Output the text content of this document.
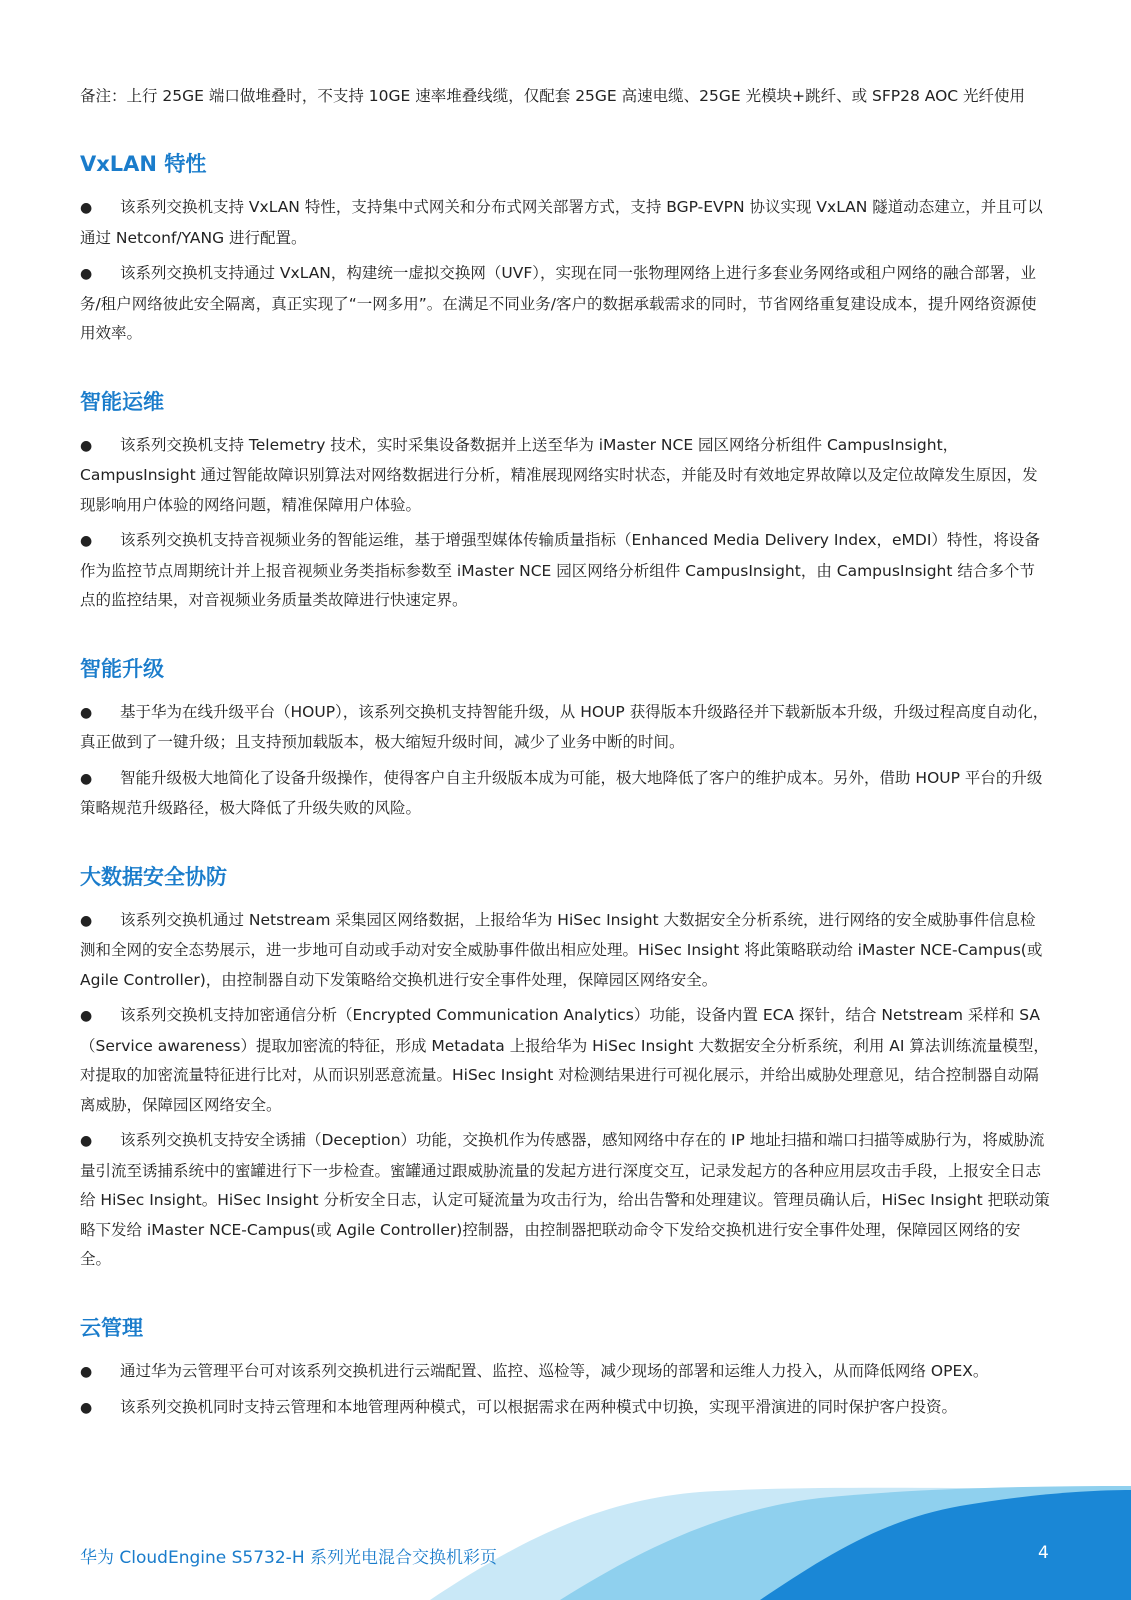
备注：上行 25GE 端口做堆叠时，不支持 10GE 速率堆叠线缆，仅配套 25GE 高速电缆、25GE 光模块+跳纤、或 SFP28 AOC 光纤使用

VxLAN 特性

● 该系列交换机支持 VxLAN 特性，支持集中式网关和分布式网关部署方式，支持 BGP-EVPN 协议实现 VxLAN 隧道动态建立，并且可以通过 Netconf/YANG 进行配置。

● 该系列交换机支持通过 VxLAN，构建统一虚拟交换网（UVF），实现在同一张物理网络上进行多套业务网络或租户网络的融合部署，业务/租户网络彼此安全隔离，真正实现了“一网多用”。在满足不同业务/客户的数据承载需求的同时，节省网络重复建设成本，提升网络资源使用效率。

智能运维

● 该系列交换机支持 Telemetry 技术，实时采集设备数据并上送至华为 iMaster NCE 园区网络分析组件 CampusInsight，CampusInsight 通过智能故障识别算法对网络数据进行分析，精准展现网络实时状态，并能及时有效地定界故障以及定位故障发生原因，发现影响用户体验的网络问题，精准保障用户体验。

● 该系列交换机支持音视频业务的智能运维，基于增强型媒体传输质量指标（Enhanced Media Delivery Index，eMDI）特性，将设备作为监控节点周期统计并上报音视频业务类指标参数至 iMaster NCE 园区网络分析组件 CampusInsight，由 CampusInsight 结合多个节点的监控结果，对音视频业务质量类故障进行快速定界。

智能升级

● 基于华为在线升级平台（HOUP），该系列交换机支持智能升级，从 HOUP 获得版本升级路径并下载新版本升级，升级过程高度自动化，真正做到了一键升级；且支持预加载版本，极大缩短升级时间，减少了业务中断的时间。

● 智能升级极大地简化了设备升级操作，使得客户自主升级版本成为可能，极大地降低了客户的维护成本。另外，借助 HOUP 平台的升级策略规范升级路径，极大降低了升级失败的风险。

大数据安全协防

● 该系列交换机通过 Netstream 采集园区网络数据，上报给华为 HiSec Insight 大数据安全分析系统，进行网络的安全威胁事件信息检测和全网的安全态势展示，进一步地可自动或手动对安全威胁事件做出相应处理。HiSec Insight 将此策略联动给 iMaster NCE-Campus(或 Agile Controller)，由控制器自动下发策略给交换机进行安全事件处理，保障园区网络安全。

● 该系列交换机支持加密通信分析（Encrypted Communication Analytics）功能，设备内置 ECA 探针，结合 Netstream 采样和 SA（Service awareness）提取加密流的特征，形成 Metadata 上报给华为 HiSec Insight 大数据安全分析系统，利用 AI 算法训练流量模型，对提取的加密流量特征进行比对，从而识别恶意流量。HiSec Insight 对检测结果进行可视化展示，并给出威胁处理意见，结合控制器自动隔离威胁，保障园区网络安全。

● 该系列交换机支持安全诱捕（Deception）功能，交换机作为传感器，感知网络中存在的 IP 地址扫描和端口扫描等威胁行为，将威胁流量引流至诱捕系统中的蜜罐进行下一步检查。蜜罐通过跟威胁流量的发起方进行深度交互，记录发起方的各种应用层攻击手段，上报安全日志给 HiSec Insight。HiSec Insight 分析安全日志，认定可疑流量为攻击行为，给出告警和处理建议。管理员确认后，HiSec Insight 把联动策略下发给 iMaster NCE-Campus(或 Agile Controller)控制器，由控制器把联动命令下发给交换机进行安全事件处理，保障园区网络的安全。

云管理

● 通过华为云管理平台可对该系列交换机进行云端配置、监控、巡检等，减少现场的部署和运维人力投入，从而降低网络 OPEX。

● 该系列交换机同时支持云管理和本地管理两种模式，可以根据需求在两种模式中切换，实现平滑演进的同时保护客户投资。

华为 CloudEngine S5732-H 系列光电混合交换机彩页	4
